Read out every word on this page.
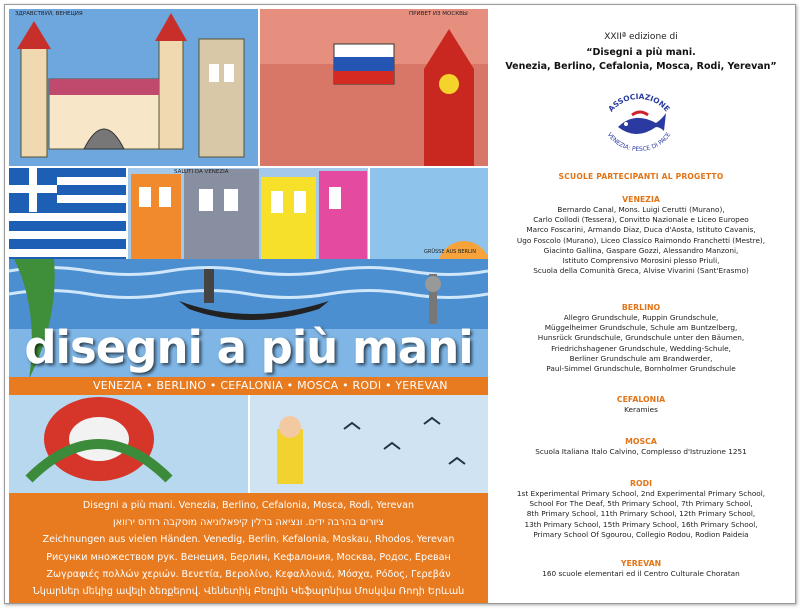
ЗДРАВСТВУЙ, ВЕНЕЦИЯ	ПРИВЕТ ИЗ МОСКВЫ
SALUTI DA VENEZIA
ΧΑΙΡΕΤΙΣΜΑΤΑ ΑΠΟ ΤΗΝ ΕΛΛΑΔΑ	GRÜSSE AUS BERLIN
disegni a più mani
VENEZIA • BERLINO • CEFALONIA • MOSCA • RODI • YEREVAN
Disegni a più mani. Venezia, Berlino, Cefalonia, Mosca, Rodi, Yerevan
ציורים בהרבה ידים. ונציאה ברלין קיפאלוניאה מוסקבה רודוס ירוואן
Zeichnungen aus vielen Händen. Venedig, Berlin, Kefalonia, Moskau, Rhodos, Yerevan
Рисунки множеством рук. Венеция, Берлин, Кефалония, Москва, Родос, Ереван
Ζωγραφιές πολλών χεριών. Βενετία, Βερολίνο, Κεφαλλονιά, Μόσχα, Ρόδος, Γερεβάν
Նկարներ մեկից ավելի ձեռքերով. Վենետիկ Բեռլին Կեֆալոնիա Մոսկվա Ռոդի Երևան
XXIIª edizione di
“Disegni a più mani.
Venezia, Berlino, Cefalonia, Mosca, Rodi, Yerevan”
ASSOCIAZIONE
VENEZIA: PESCE DI PACE
SCUOLE PARTECIPANTI AL PROGETTO
VENEZIA
Bernardo Canal, Mons. Luigi Cerutti (Murano),
Carlo Collodi (Tessera), Convitto Nazionale e Liceo Europeo
Marco Foscarini, Armando Diaz, Duca d'Aosta, Istituto Cavanis,
Ugo Foscolo (Murano), Liceo Classico Raimondo Franchetti (Mestre),
Giacinto Gallina, Gaspare Gozzi, Alessandro Manzoni,
Istituto Comprensivo Morosini plesso Priuli,
Scuola della Comunità Greca, Alvise Vivarini (Sant'Erasmo)
BERLINO
Allegro Grundschule, Ruppin Grundschule,
Müggelheimer Grundschule, Schule am Buntzelberg,
Hunsrück Grundschule, Grundschule unter den Bäumen,
Friedrichshagener Grundschule, Wedding-Schule,
Berliner Grundschule am Brandwerder,
Paul-Simmel Grundschule, Bornholmer Grundschule
CEFALONIA
Keramies
MOSCA
Scuola Italiana Italo Calvino, Complesso d'Istruzione 1251
RODI
1st Experimental Primary School, 2nd Experimental Primary School,
School For The Deaf, 5th Primary School, 7th Primary School,
8th Primary School, 11th Primary School, 12th Primary School,
13th Primary School, 15th Primary School, 16th Primary School,
Primary School Of Sgourou, Collegio Rodou, Rodion Paideia
YEREVAN
160 scuole elementari ed il Centro Culturale Choratan
